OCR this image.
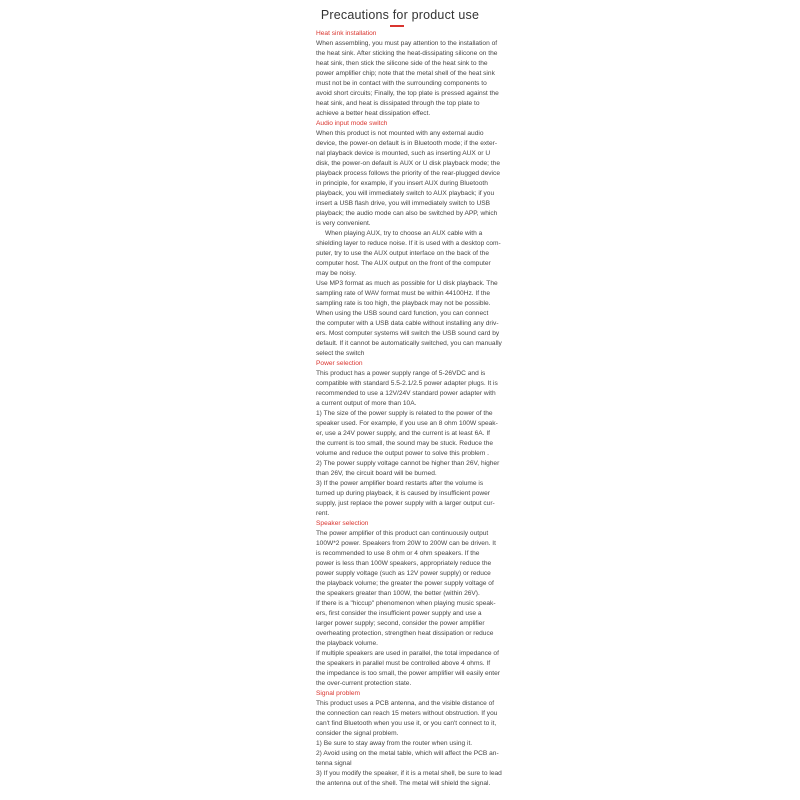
Precautions for product use
Heat sink installation
When assembling, you must pay attention to the installation of
the heat sink. After sticking the heat-dissipating silicone on the
heat sink, then stick the silicone side of the heat sink to the
power amplifier chip; note that the metal shell of the heat sink
must not be in contact with the surrounding components to
avoid short circuits; Finally, the top plate is pressed against the
heat sink, and heat is dissipated through the top plate to
achieve a better heat dissipation effect.
Audio input mode switch
When this product is not mounted with any external audio
device, the power-on default is in Bluetooth mode; if the exter-
nal playback device is mounted, such as inserting AUX or U
disk, the power-on default is AUX or U disk playback mode; the
playback process follows the priority of the rear-plugged device
in principle, for example, if you insert AUX during Bluetooth
playback, you will immediately switch to AUX playback; if you
insert a USB flash drive, you will immediately switch to USB
playback; the audio mode can also be switched by APP, which
is very convenient.
When playing AUX, try to choose an AUX cable with a
shielding layer to reduce noise. If it is used with a desktop com-
puter, try to use the AUX output interface on the back of the
computer host. The AUX output on the front of the computer
may be noisy.
Use MP3 format as much as possible for U disk playback. The
sampling rate of WAV format must be within 44100Hz. If the
sampling rate is too high, the playback may not be possible.
When using the USB sound card function, you can connect
the computer with a USB data cable without installing any driv-
ers. Most computer systems will switch the USB sound card by
default. If it cannot be automatically switched, you can manually
select the switch
Power selection
This product has a power supply range of 5-26VDC and is
compatible with standard 5.5-2.1/2.5 power adapter plugs. It is
recommended to use a 12V/24V standard power adapter with
a current output of more than 10A.
1) The size of the power supply is related to the power of the
speaker used. For example, if you use an 8 ohm 100W speak-
er, use a 24V power supply, and the current is at least 6A. If
the current is too small, the sound may be stuck. Reduce the
volume and reduce the output power to solve this problem .
2) The power supply voltage cannot be higher than 26V, higher
than 26V, the circuit board will be burned.
3) If the power amplifier board restarts after the volume is
turned up during playback, it is caused by insufficient power
supply, just replace the power supply with a larger output cur-
rent.
Speaker selection
The power amplifier of this product can continuously output
100W*2 power. Speakers from 20W to 200W can be driven. It
is recommended to use 8 ohm or 4 ohm speakers. If the
power is less than 100W speakers, appropriately reduce the
power supply voltage (such as 12V power supply) or reduce
the playback volume; the greater the power supply voltage of
the speakers greater than 100W, the better (within 26V).
If there is a "hiccup" phenomenon when playing music speak-
ers, first consider the insufficient power supply and use a
larger power supply; second, consider the power amplifier
overheating protection, strengthen heat dissipation or reduce
the playback volume.
If multiple speakers are used in parallel, the total impedance of
the speakers in parallel must be controlled above 4 ohms. If
the impedance is too small, the power amplifier will easily enter
the over-current protection state.
Signal problem
This product uses a PCB antenna, and the visible distance of
the connection can reach 15 meters without obstruction. If you
can't find Bluetooth when you use it, or you can't connect to it,
consider the signal problem.
1) Be sure to stay away from the router when using it.
2) Avoid using on the metal table, which will affect the PCB an-
tenna signal
3) If you modify the speaker, if it is a metal shell, be sure to lead
the antenna out of the shell. The metal will shield the signal.
